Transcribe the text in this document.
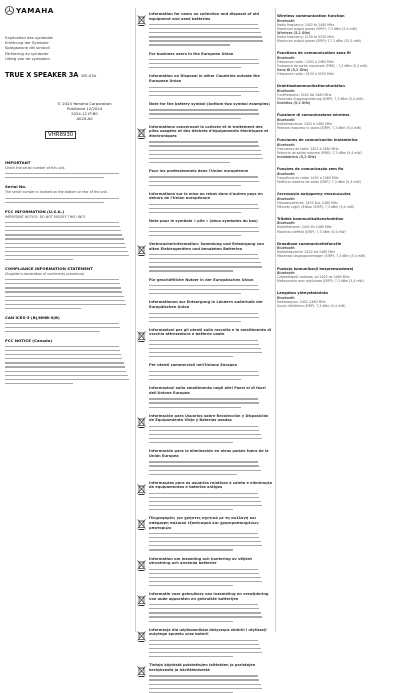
YAMAHA
Explication des symboles
Erklärung der Symbole
Spiegazione dei simboli
Förklaring av symboler
Uitleg van de symbolen
TRUE X SPEAKER 3A WS-X3A
© 2024 Yamaha Corporation
Published 12/2024
2024-12 IP-B0
AV20-A0
VHR8930
IMPORTANT
Check the serial number of this unit.
Serial No.
The serial number is located on the bottom or rear of the unit.
FCC INFORMATION (U.S.A.)
IMPORTANT NOTICE: DO NOT MODIFY THIS UNIT!
COMPLIANCE INFORMATION STATEMENT
(Supplier's declaration of conformity procedure)
CAN ICES-3 (B)/NMB-3(B)
FCC NOTICE (Canada)
Information for users on collection and disposal of old equipment and used batteries
For business users in the European Union
Information on Disposal in other Countries outside the European Union
Note for the battery symbol (bottom two symbol examples)
Informations concernant la collecte et le traitement des piles usagées et des déchets d'équipements électriques et électroniques
Pour les professionnels dans l'Union européenne
Informations sur la mise au rebut dans d'autres pays en dehors de l'Union européenne
Note pour le symbole « pile » (deux symboles du bas)
Verbraucherinformation: Sammlung und Entsorgung von alten Elektrogeräten und benutzten Batterien
Für geschäftliche Nutzer in der Europäischen Union
Informationen zur Entsorgung in Ländern außerhalb der Europäischen Union
Informazioni per gli utenti sulla raccolta e lo smaltimento di vecchia attrezzatura e batterie usate
Per utenti commerciali nell'Unione Europea
Informazioni sullo smaltimento negli altri Paesi al di fuori dell'Unione Europea
Información para Usuarios sobre Recolección y Disposición de Equipamiento Viejo y Baterías usadas
Información para la eliminación en otros países fuera de la Unión Europea
Informações para os usuários relativas à coleta e eliminação de equipamentos e baterias antigos
Πληροφορίες για χρήστες σχετικά με τη συλλογή και απόρριψη παλαιού εξοπλισμού και χρησιμοποιημένων μπαταριών
Information om insamling och hantering av uttjänt utrustning och använda batterier
Informatie voor gebruikers van inzameling en verwijdering van oude apparaten en gebruikte batterijen
Informacja dla użytkowników dotycząca zbiórki i utylizacji zużytego sprzętu oraz baterii
Tietoja käytöstä poistettujen laitteiden ja paristojen keräyksestä ja hävittämisestä
Wireless communication function
Bluetooth
Radio frequency: 2402 to 2480 MHz
Maximum output power (EIRP): 7.3 dBm (5.4 mW)
Wireless (5.2 GHz)
Radio frequency: 5150 to 5250 MHz
Maximum output power (EIRP): 17.2 dBm (52.5 mW)
Fonctions de communication sans fil
Bluetooth
Fréquence radio : 2402 à 2480 MHz
Puissance de sortie maximale (PIRE) : 7,3 dBm (5,4 mW)
Sans fil (5,2 GHz)
Fréquence radio : 5150 à 5250 MHz
Drahtloskommunikationsfunktion
Bluetooth
Funkfrequenz: 2402 bis 2480 MHz
Maximale Ausgangsleistung (EIRP): 7,3 dBm (5,4 mW)
Drahtlos (5,2 GHz)
Funzione di comunicazione wireless
Bluetooth
Radiofrequenza: 2402 a 2480 MHz
Potenza massima in uscita (EIRP): 7,3 dBm (5,4 mW)
Funciones de comunicación inalámbrica
Bluetooth
Frecuencia de radio: 2402 a 2480 MHz
Potencia de salida máxima (PIRE): 7,3 dBm (5,4 mW)
Inalámbrico (5,2 GHz)
Funções de comunicação sem fio
Bluetooth
Frequência de rádio: 2402 a 2480 MHz
Potência máxima de saída (EIRP): 7,3 dBm (5,4 mW)
Λειτουργία ασύρματης επικοινωνίας
Bluetooth
Ραδιοσυχνότητα: 2402 έως 2480 MHz
Μέγιστη ισχύς εξόδου (EIRP): 7,3 dBm (5,4 mW)
Trådlös kommunikationsfunktion
Bluetooth
Radiofrekvens: 2402 till 2480 MHz
Maximal uteffekt (EIRP): 7,3 dBm (5,4 mW)
Draadloze communicatiefunctie
Bluetooth
Radiofrequentie: 2402 tot 2480 MHz
Maximaal uitgangsvermogen (EIRP): 7,3 dBm (5,4 mW)
Funkcja komunikacji bezprzewodowej
Bluetooth
Częstotliwość radiowa: od 2402 do 2480 MHz
Maksymalna moc wyjściowa (EIRP): 7,3 dBm (5,4 mW)
Langaton yhteystoiminto
Bluetooth
Radiotaajuus: 2402–2480 MHz
Suurin lähtöteho (EIRP): 7,3 dBm (5,4 mW)
